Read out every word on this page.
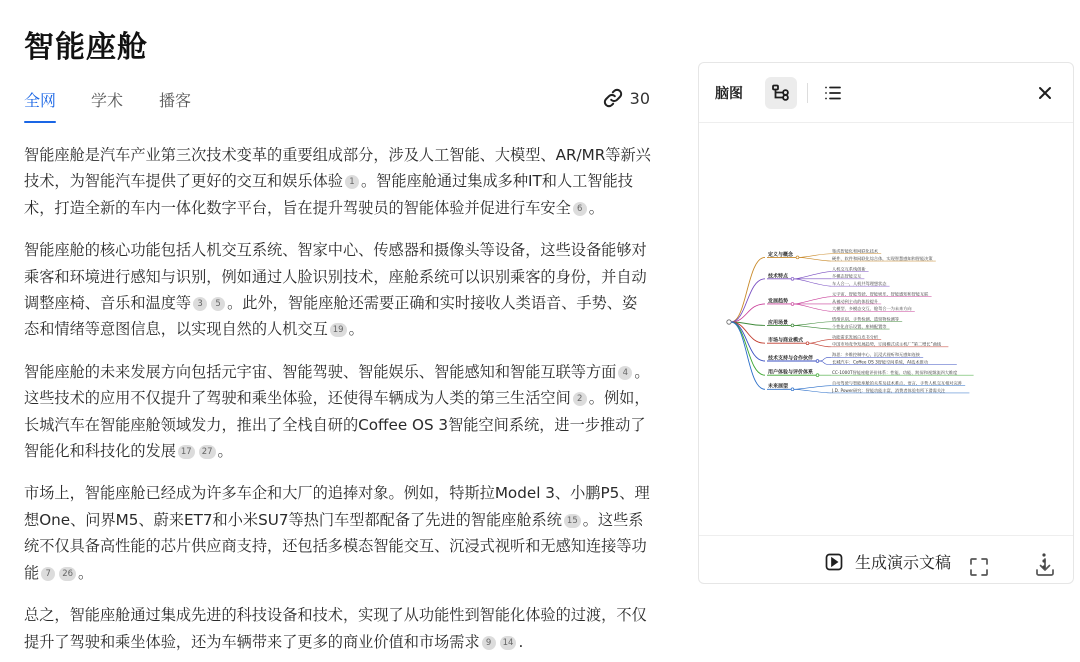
智能座舱
全网 学术 播客	30

智能座舱是汽车产业第三次技术变革的重要组成部分，涉及人工智能、大模型、AR/MR等新兴技术，为智能汽车提供了更好的交互和娱乐体验 1 。智能座舱通过集成多种IT和人工智能技术，打造全新的车内一体化数字平台，旨在提升驾驶员的智能体验并促进行车安全 6 。

智能座舱的核心功能包括人机交互系统、智家中心、传感器和摄像头等设备，这些设备能够对乘客和环境进行感知与识别，例如通过人脸识别技术，座舱系统可以识别乘客的身份，并自动调整座椅、音乐和温度等 3 5 。此外，智能座舱还需要正确和实时接收人类语音、手势、姿态和情绪等意图信息，以实现自然的人机交互 19 。

智能座舱的未来发展方向包括元宇宙、智能驾驶、智能娱乐、智能感知和智能互联等方面 4 。这些技术的应用不仅提升了驾驶和乘坐体验，还使得车辆成为人类的第三生活空间 2 。例如，长城汽车在智能座舱领域发力，推出了全栈自研的Coffee OS 3智能空间系统，进一步推动了智能化和科技化的发展 17 27 。

市场上，智能座舱已经成为许多车企和大厂的追捧对象。例如，特斯拉Model 3、小鹏P5、理想One、问界M5、蔚来ET7和小米SU7等热门车型都配备了先进的智能座舱系统 15 。这些系统不仅具备高性能的芯片供应商支持，还包括多模态智能交互、沉浸式视听和无感知连接等功能 7 26 。

总之，智能座舱通过集成先进的科技设备和技术，实现了从功能性到智能化体验的过渡，不仅提升了驾驶和乘坐体验，还为车辆带来了更多的商业价值和市场需求 9 14 .

脑图
定义与概念
集成智能化和网联化技术
硬件、软件和网联化综合体，实现智慧感知和智能决策
技术特点
人机交互系统创新
多模态智能交互
车人合一，人机共驾理想状态
发展趋势
元宇宙、智能驾驶、智能娱乐、智能感知和智能互联
从被动到主动的体验提升
大模型、多模态交互、舱驾合一为未来方向
应用场景
情绪识别、手势检测、遗留物检测等
个性化音乐设置、座椅配置等
市场与商业模式
功能需求发展白皮书分析
中国市场竞争发展趋势，订阅模式成主机厂“第二增长”曲线
技术支持与合作伙伴
海思：多维控制中心，沉浸式视听和无感知连接
长城汽车：Coffee OS 3智能空间系统，AI技术推动
用户体验与评价体系	CC-1000T智能座舱评价体系：性能、功能、跨屏和视频流四大维度
未来展望
自动驾驶与智能座舱的关系及技术难点、语言、手势人机交互相对完善
J.D. Power研究：智能功能丰富，消费者体验有所下滑需关注
生成演示文稿
